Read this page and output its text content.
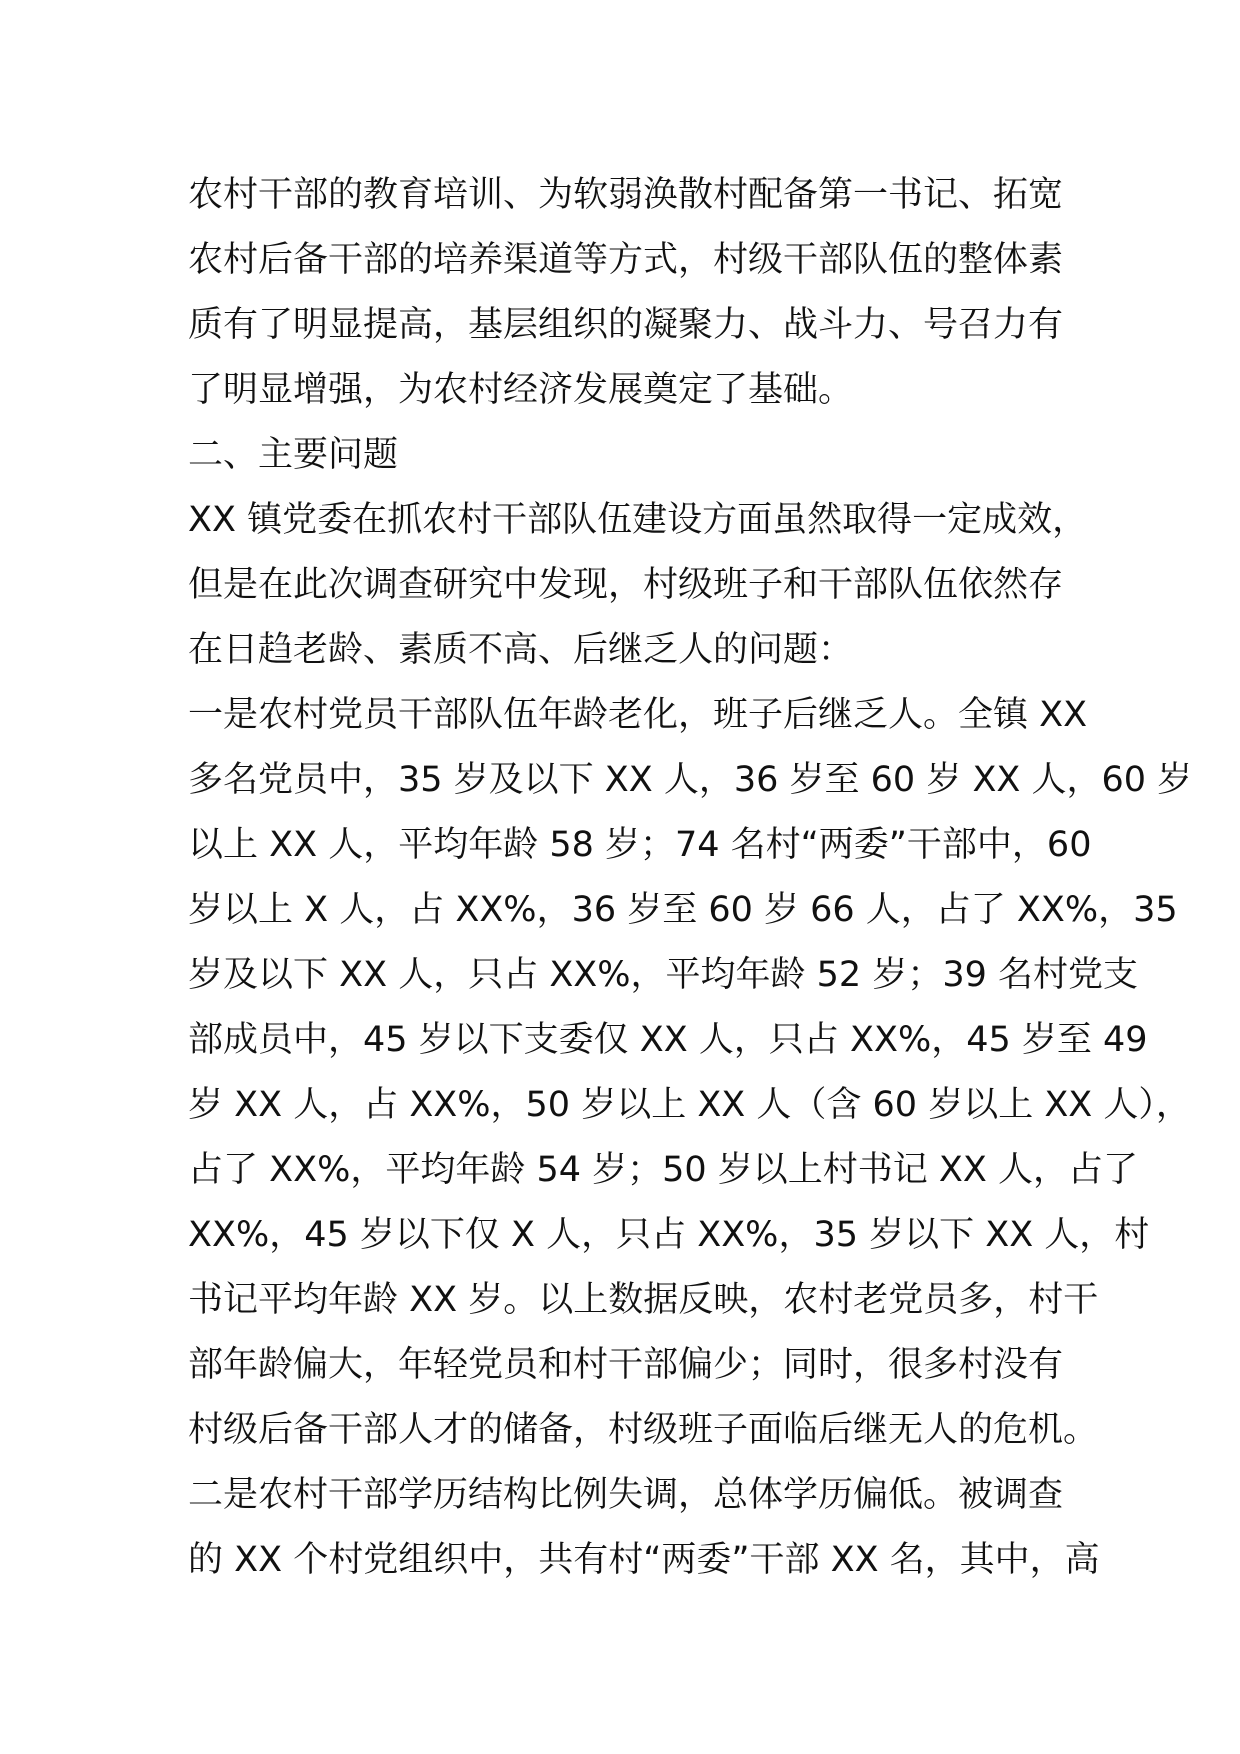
农村干部的教育培训、为软弱涣散村配备第一书记、拓宽
农村后备干部的培养渠道等方式，村级干部队伍的整体素
质有了明显提高，基层组织的凝聚力、战斗力、号召力有
了明显增强，为农村经济发展奠定了基础。
二、主要问题
XX 镇党委在抓农村干部队伍建设方面虽然取得一定成效，
但是在此次调查研究中发现，村级班子和干部队伍依然存
在日趋老龄、素质不高、后继乏人的问题：
一是农村党员干部队伍年龄老化，班子后继乏人。全镇 XX
多名党员中，35 岁及以下 XX 人，36 岁至 60 岁 XX 人，60 岁
以上 XX 人，平均年龄 58 岁；74 名村“两委”干部中，60
岁以上 X 人，占 XX%，36 岁至 60 岁 66 人，占了 XX%，35
岁及以下 XX 人，只占 XX%，平均年龄 52 岁；39 名村党支
部成员中，45 岁以下支委仅 XX 人，只占 XX%，45 岁至 49
岁 XX 人，占 XX%，50 岁以上 XX 人（含 60 岁以上 XX 人），
占了 XX%，平均年龄 54 岁；50 岁以上村书记 XX 人，占了
XX%，45 岁以下仅 X 人，只占 XX%，35 岁以下 XX 人，村
书记平均年龄 XX 岁。以上数据反映，农村老党员多，村干
部年龄偏大，年轻党员和村干部偏少；同时，很多村没有
村级后备干部人才的储备，村级班子面临后继无人的危机。
二是农村干部学历结构比例失调，总体学历偏低。被调查
的 XX 个村党组织中，共有村“两委”干部 XX 名，其中，高
